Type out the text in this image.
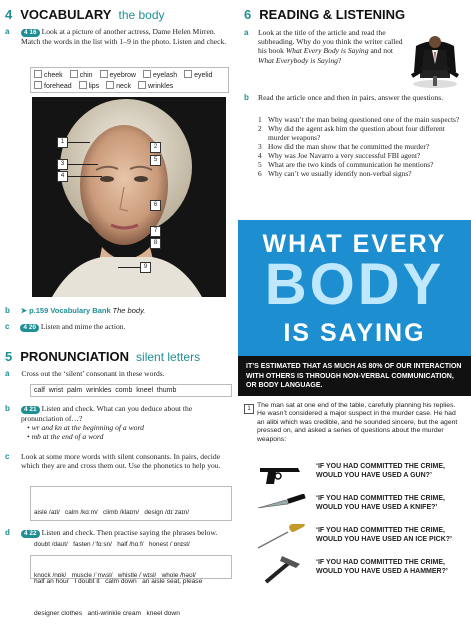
4 VOCABULARY the body
a	4 16 Look at a picture of another actress, Dame Helen Mirren. Match the words in the list with 1–9 in the photo. Listen and check.
cheek	chin	eyebrow	eyelash	eyelid
forehead	lips	neck	wrinkles
1
2
3
4
5
6
7
8
9
b ➤ p.159 Vocabulary Bank The body.
c 4 20 Listen and mime the action.
5 PRONUNCIATION silent letters
a Cross out the ‘silent’ consonant in these words.
calf  wrist  palm  wrinkles  comb  kneel  thumb
b	4 21 Listen and check. What can you deduce about the pronunciation of…?
• wr and kn at the beginning of a word
• mb at the end of a word
c Look at some more words with silent consonants. In pairs, decide which they are and cross them out. Use the phonetics to help you.

aisle /aɪl/   calm /kɑːm/   climb /klaɪm/   design /dɪˈzaɪn/

doubt /daʊt/   fasten /ˈfɑːsn/   half /hɑːf/   honest /ˈɒnɪst/

knock /nɒk/   muscle /ˈmʌsl/   whistle /ˈwɪsl/   whole /həʊl/

d	4 22 Listen and check. Then practise saying the phrases below.

half an hour   I doubt it   calm down   an aisle seat, please

designer clothes   anti-wrinkle cream   kneel down

6 READING & LISTENING
a Look at the title of the article and read the subheading. Why do you think the writer called his book What Every Body is Saying and not What Everybody is Saying?
b Read the article once and then in pairs, answer the questions.
1 Why wasn’t the man being questioned one of the main suspects?
2 Why did the agent ask him the question about four different murder weapons?
3 How did the man show that he committed the murder?
4 Why was Joe Navarro a very successful FBI agent?
5 What are the two kinds of communication he mentions?
6 Why can’t we usually identify non-verbal signs?
WHAT EVERY
BODY
IS SAYING
IT’S ESTIMATED THAT AS MUCH AS 80% OF OUR INTERACTION WITH OTHERS IS THROUGH NON-VERBAL COMMUNICATION, OR BODY LANGUAGE.
1 The man sat at one end of the table, carefully planning his replies. He wasn’t considered a major suspect in the murder case. He had an alibi which was credible, and he sounded sincere, but the agent pressed on, and asked a series of questions about the murder weapons:
‘IF YOU HAD COMMITTED THE CRIME, WOULD YOU HAVE USED A GUN?’
‘IF YOU HAD COMMITTED THE CRIME, WOULD YOU HAVE USED A KNIFE?’
‘IF YOU HAD COMMITTED THE CRIME, WOULD YOU HAVE USED AN ICE PICK?’
‘IF YOU HAD COMMITTED THE CRIME, WOULD YOU HAVE USED A HAMMER?’
